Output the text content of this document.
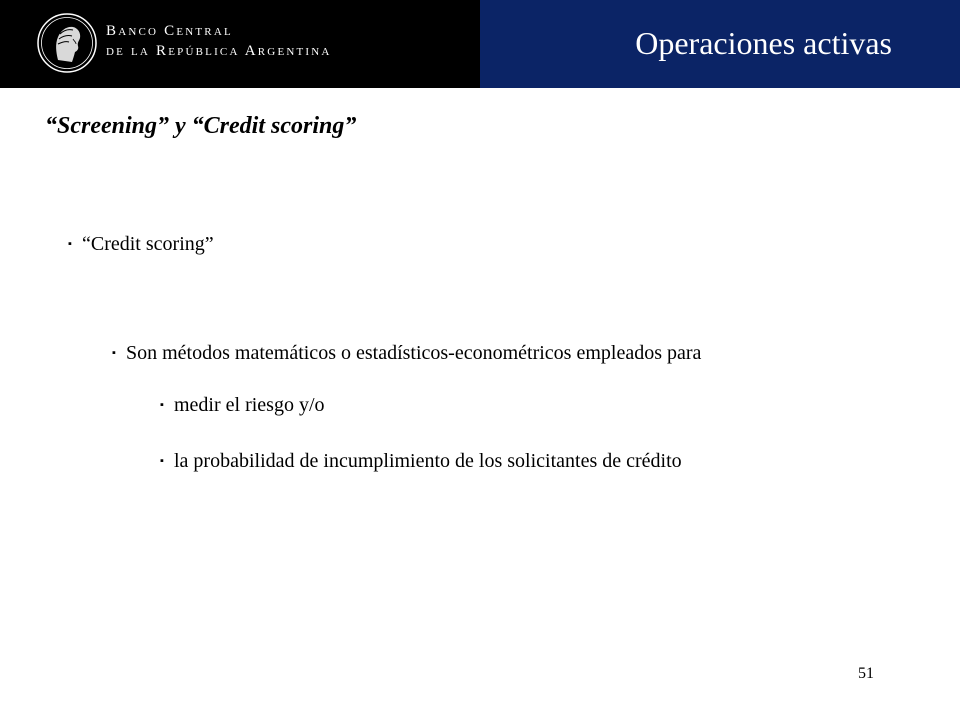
Banco Central
de la República Argentina	Operaciones activas
“Screening” y “Credit scoring”
▪ “Credit scoring”
▪ Son métodos matemáticos o estadísticos-econométricos empleados para
▪ medir el riesgo y/o
▪ la probabilidad de incumplimiento de los solicitantes de crédito
51
